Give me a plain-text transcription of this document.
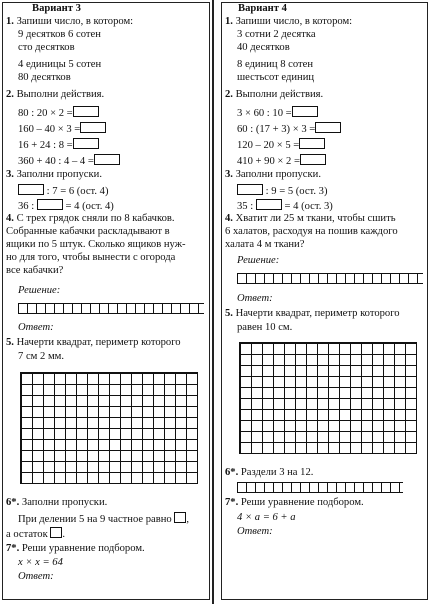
Вариант 3
1. Запиши число, в котором:
9 десятков 6 сотен
сто десятков
4 единицы 5 сотен
80 десятков
2. Выполни действия.
80 : 20 × 2 =
160 – 40 × 3 =
16 + 24 : 8 =
360 + 40 : 4 – 4 =
3. Заполни пропуски.
: 7 = 6 (ост. 4)
36 :	= 4 (ост. 4)
4. С трех грядок сняли по 8 кабачков.
Собранные кабачки раскладывают в
ящики по 5 штук. Сколько ящиков нуж-
но для того, чтобы вынести с огорода
все кабачки?
Решение:
Ответ:
5. Начерти квадрат, периметр которого
7 см 2 мм.
6*. Заполни пропуски.
При делении 5 на 9 частное равно ,
а остаток .
7*. Реши уравнение подбором.
x × x = 64
Ответ:
Вариант 4
1. Запиши число, в котором:
3 сотни 2 десятка
40 десятков
8 единиц 8 сотен
шестьсот единиц
2. Выполни действия.
3 × 60 : 10 =
60 : (17 + 3) × 3 =
120 – 20 × 5 =
410 + 90 × 2 =
3. Заполни пропуски.
: 9 = 5 (ост. 3)
35 :	= 4 (ост. 3)
4. Хватит ли 25 м ткани, чтобы сшить
6 халатов, расходуя на пошив каждого
халата 4 м ткани?
Решение:
Ответ:
5. Начерти квадрат, периметр которого
равен 10 см.
6*. Раздели 3 на 12.
7*. Реши уравнение подбором.
4 × a = 6 + a
Ответ:
